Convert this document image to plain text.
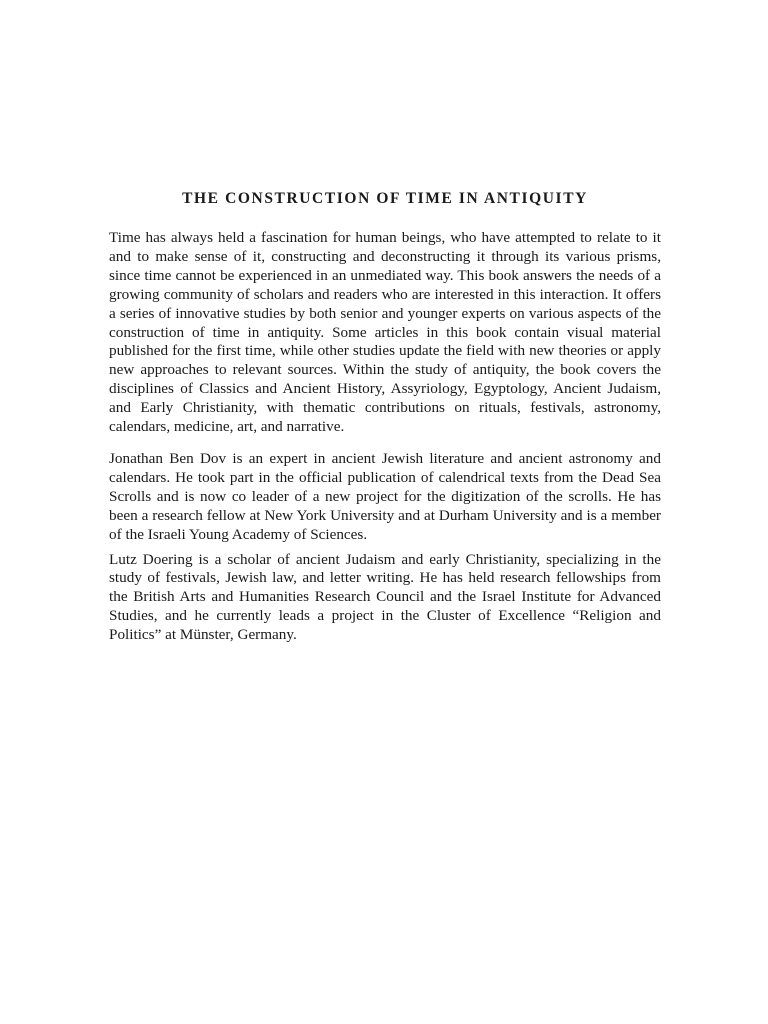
THE CONSTRUCTION OF TIME IN ANTIQUITY

Time has always held a fascination for human beings, who have attempted to relate to it and to make sense of it, constructing and deconstructing it through its various prisms, since time cannot be experienced in an unmediated way. This book answers the needs of a growing community of scholars and readers who are interested in this interaction. It offers a series of innovative studies by both senior and younger experts on various aspects of the construction of time in antiquity. Some articles in this book contain visual material published for the first time, while other studies update the field with new theories or apply new approaches to relevant sources. Within the study of antiquity, the book covers the disciplines of Classics and Ancient History, Assyriology, Egyptology, Ancient Judaism, and Early Christianity, with thematic contributions on rituals, festivals, astronomy, calendars, medicine, art, and narrative.

Jonathan Ben Dov is an expert in ancient Jewish literature and ancient astronomy and calendars. He took part in the official publication of calendrical texts from the Dead Sea Scrolls and is now co leader of a new project for the digitization of the scrolls. He has been a research fellow at New York University and at Durham University and is a member of the Israeli Young Academy of Sciences.

Lutz Doering is a scholar of ancient Judaism and early Christianity, specializing in the study of festivals, Jewish law, and letter writing. He has held research fellowships from the British Arts and Humanities Research Council and the Israel Institute for Advanced Studies, and he currently leads a project in the Cluster of Excellence “Religion and Politics” at Münster, Germany.
